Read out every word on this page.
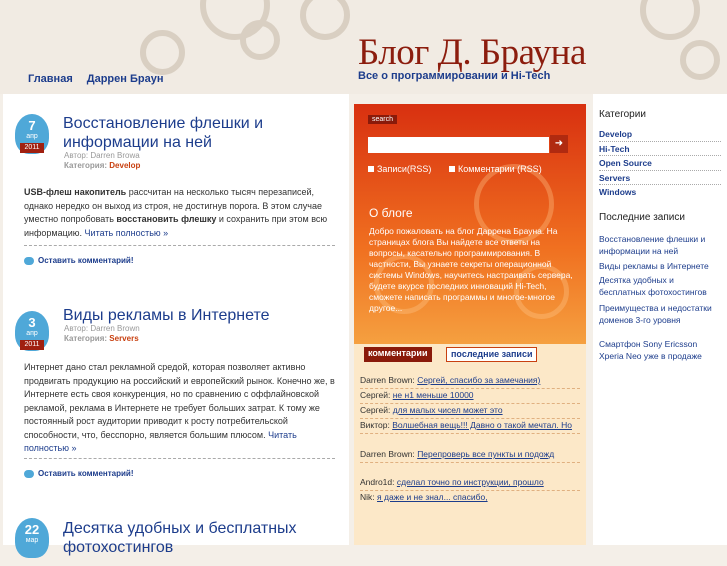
Блог Д. Брауна
Все о программировании и Hi-Tech
Главная Даррен Браун
7
апр
2011
Восстановление флешки и информации на ней
Автор: Darren Browa
Категория: Develop
USB-флеш накопитель рассчитан на несколько тысяч перезаписей, однако нередко он выход из строя, не достигнув порога. В этом случае уместно попробовать восстановить флешку и сохранить при этом всю информацию. Читать полностью »
Оставить комментарий!
3
апр
2011
Виды рекламы в Интернете
Автор: Darren Brown
Категория: Servers
Интернет дано стал рекламной средой, которая позволяет активно продвигать продукцию на российский и европейский рынок. Конечно же, в Интернете есть своя конкуренция, но по сравнению с оффлайновской рекламой, реклама в Интернете не требует больших затрат. К тому же постоянный рост аудитории приводит к росту потребительской способности, что, бесспорно, является большим плюсом. Читать полностью »
Оставить комментарий!
22
мар
Десятка удобных и бесплатных фотохостингов
search
➜
Записи(RSS)	Комментарии (RSS)
О блоге
Добро пожаловать на блог Даррена Брауна. На страницах блога Вы найдете все ответы на вопросы, касательно программирования. В частности, Вы узнаете секреты операционной системы Windows, научитесь настраивать сервера, будете вкурсе последних инноваций Hi-Tech, сможете написать программы и многое-многое другое...
комментарии	последние записи
Darren Brown: Сергей, спасибо за замечания)
Сергей: не н1 меньше 10000
Сергей: для малых чисел может это
Виктор: Волшебная вещь!!! Давно о такой мечтал. Но
Darren Brown: Перепроверь все пункты и подожд
Andro1d: сделал точно по инструкции, прошло
Nik: я даже и не знал... спасибо,
Категории
Develop
Hi-Tech
Open Source
Servers
Windows
Последние записи
Восстановление флешки и информации на ней
Виды рекламы в Интернете
Десятка удобных и бесплатных фотохостингов
Преимущества и недостатки доменов 3-го уровня
Смартфон Sony Ericsson Xperia Neo уже в продаже
